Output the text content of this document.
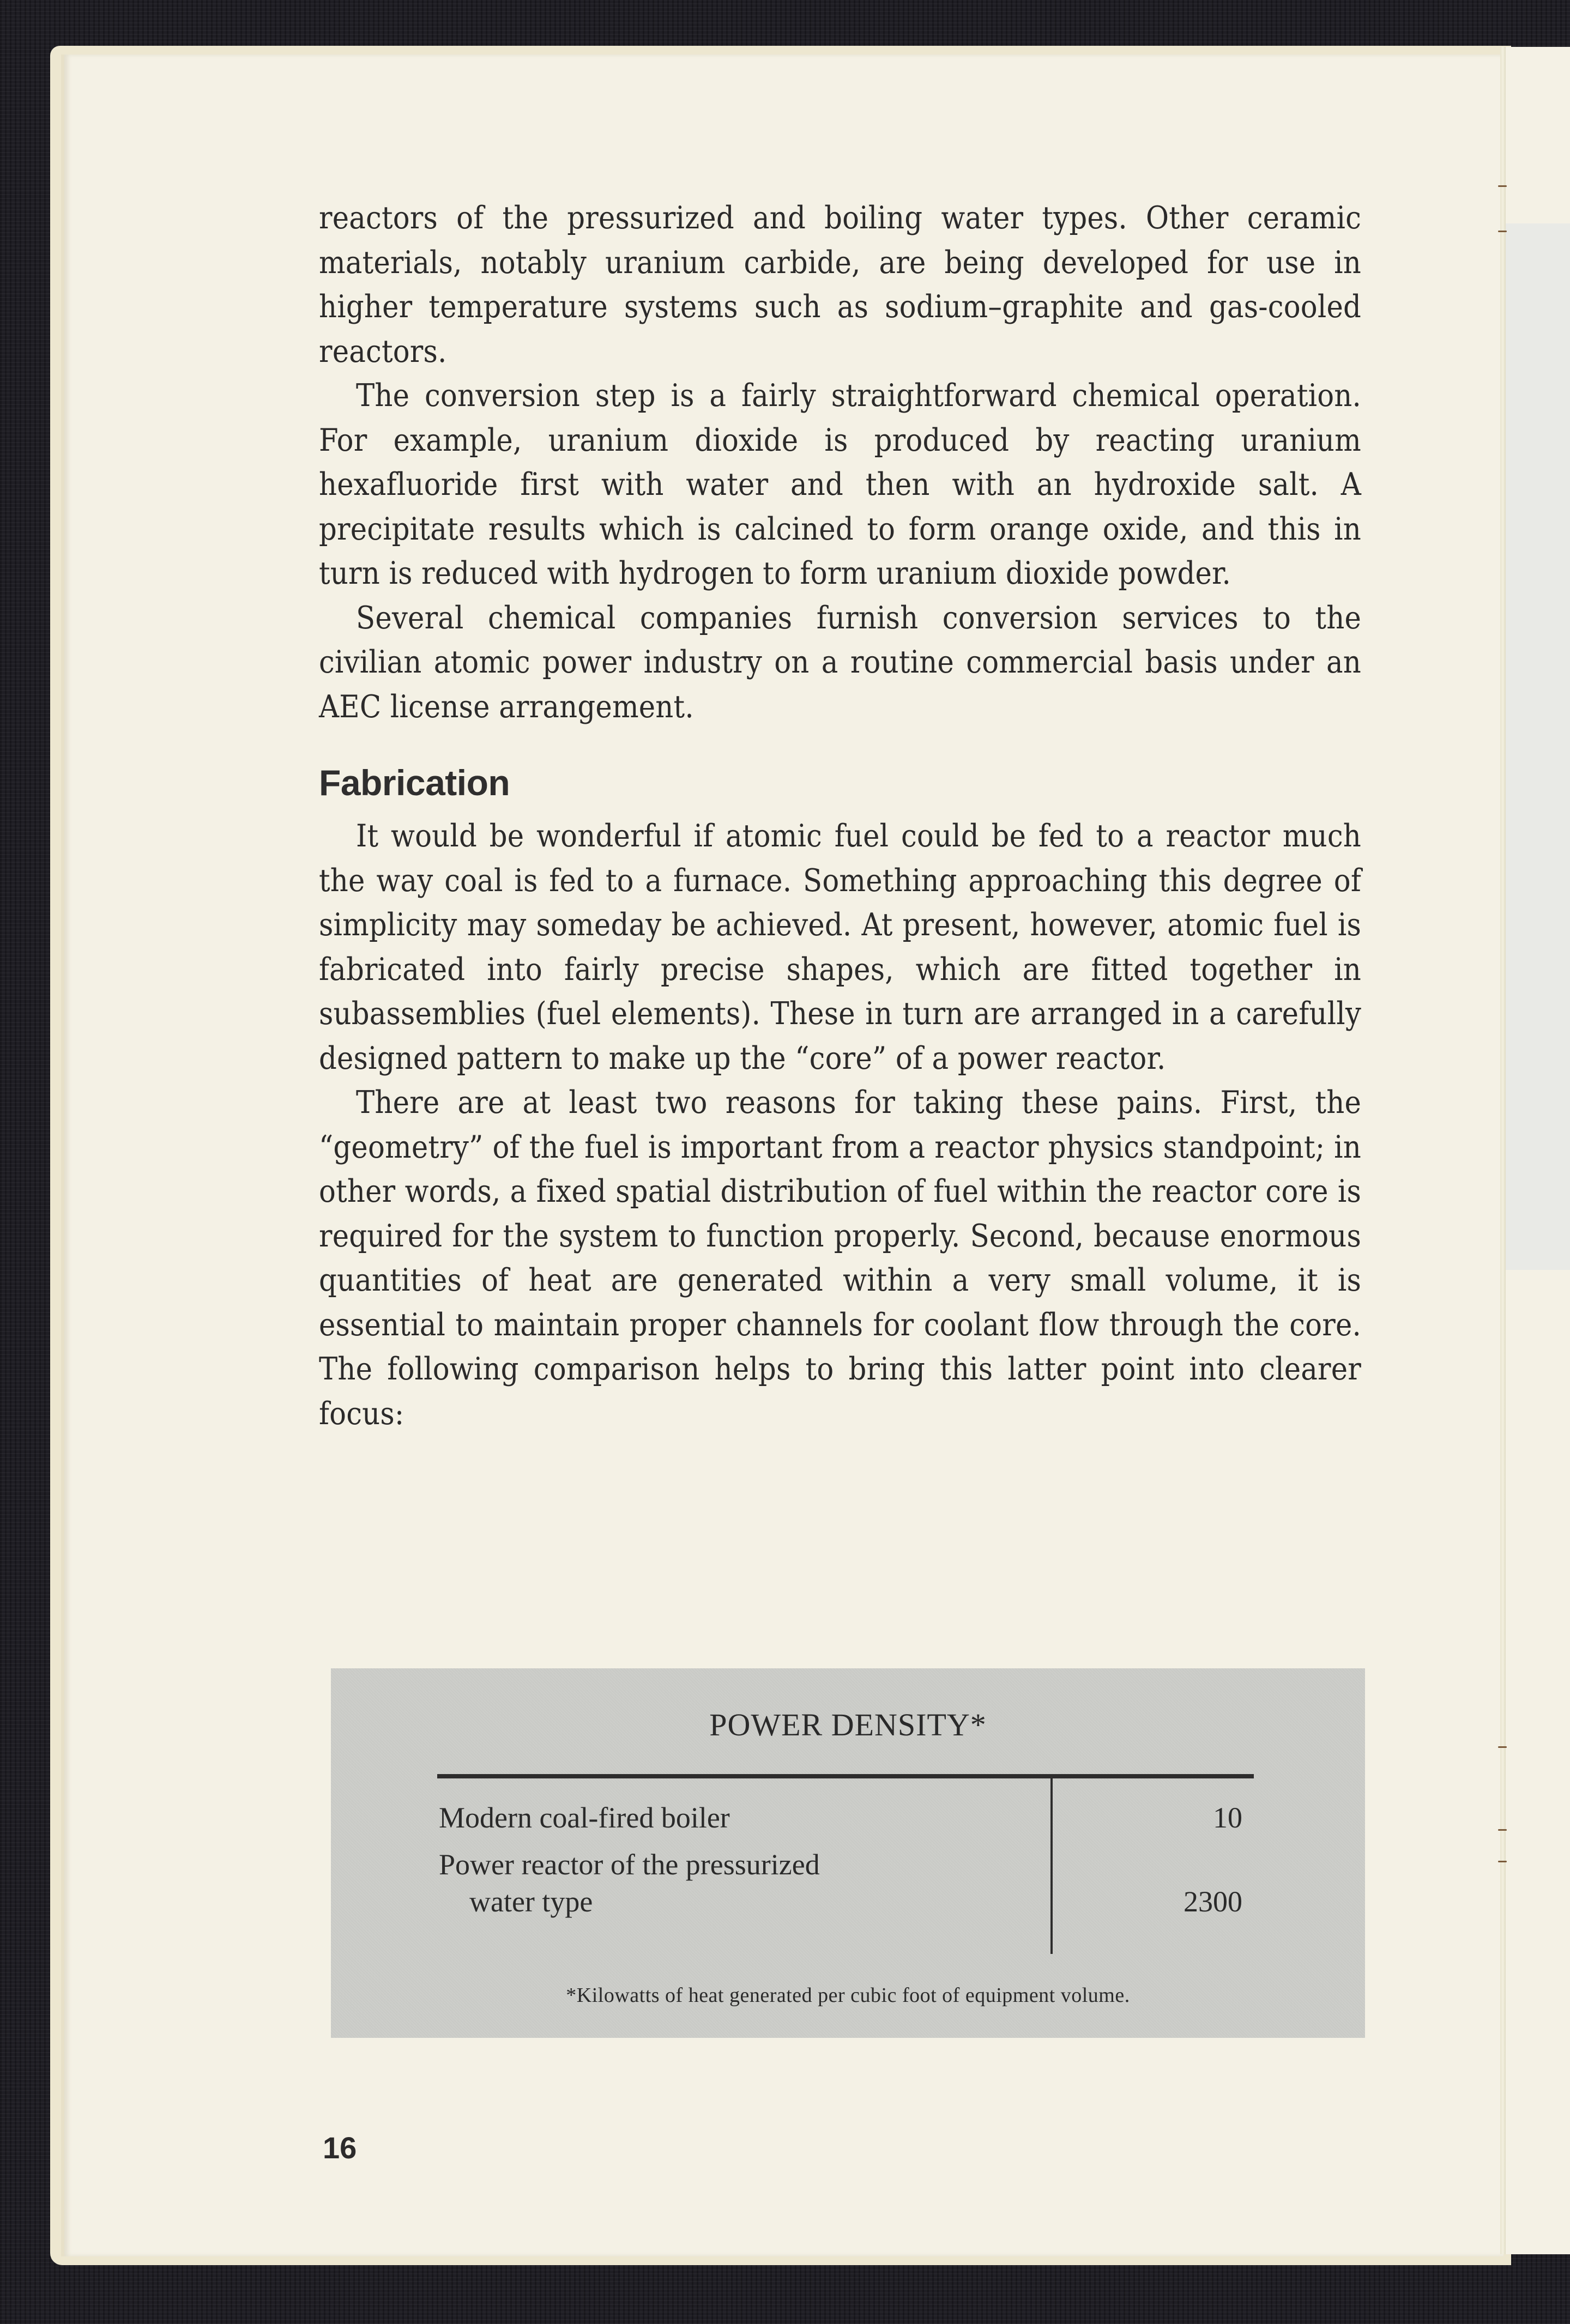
reactors of the pressurized and boiling water types. Other ceramic materials, notably uranium carbide, are being developed for use in higher temperature systems such as sodium–graphite and gas-cooled reactors.

The conversion step is a fairly straightforward chemical operation. For example, uranium dioxide is produced by reacting uranium hexafluoride first with water and then with an hydroxide salt. A precipitate results which is calcined to form orange oxide, and this in turn is reduced with hydrogen to form uranium dioxide powder.

Several chemical companies furnish conversion services to the civilian atomic power industry on a routine commercial basis under an AEC license arrangement.

Fabrication

It would be wonderful if atomic fuel could be fed to a reactor much the way coal is fed to a furnace. Something approaching this degree of simplicity may someday be achieved. At present, however, atomic fuel is fabricated into fairly precise shapes, which are fitted together in subassemblies (fuel elements). These in turn are arranged in a carefully designed pattern to make up the “core” of a power reactor.

There are at least two reasons for taking these pains. First, the “geometry” of the fuel is important from a reactor physics standpoint; in other words, a fixed spatial distribution of fuel within the reactor core is required for the system to function properly. Second, because enormous quantities of heat are generated within a very small volume, it is essential to maintain proper channels for coolant flow through the core. The following comparison helps to bring this latter point into clearer focus:

POWER DENSITY*
Modern coal-fired boiler	10
Power reactor of the pressurized
water type	2300
*Kilowatts of heat generated per cubic foot of equipment volume.
16
